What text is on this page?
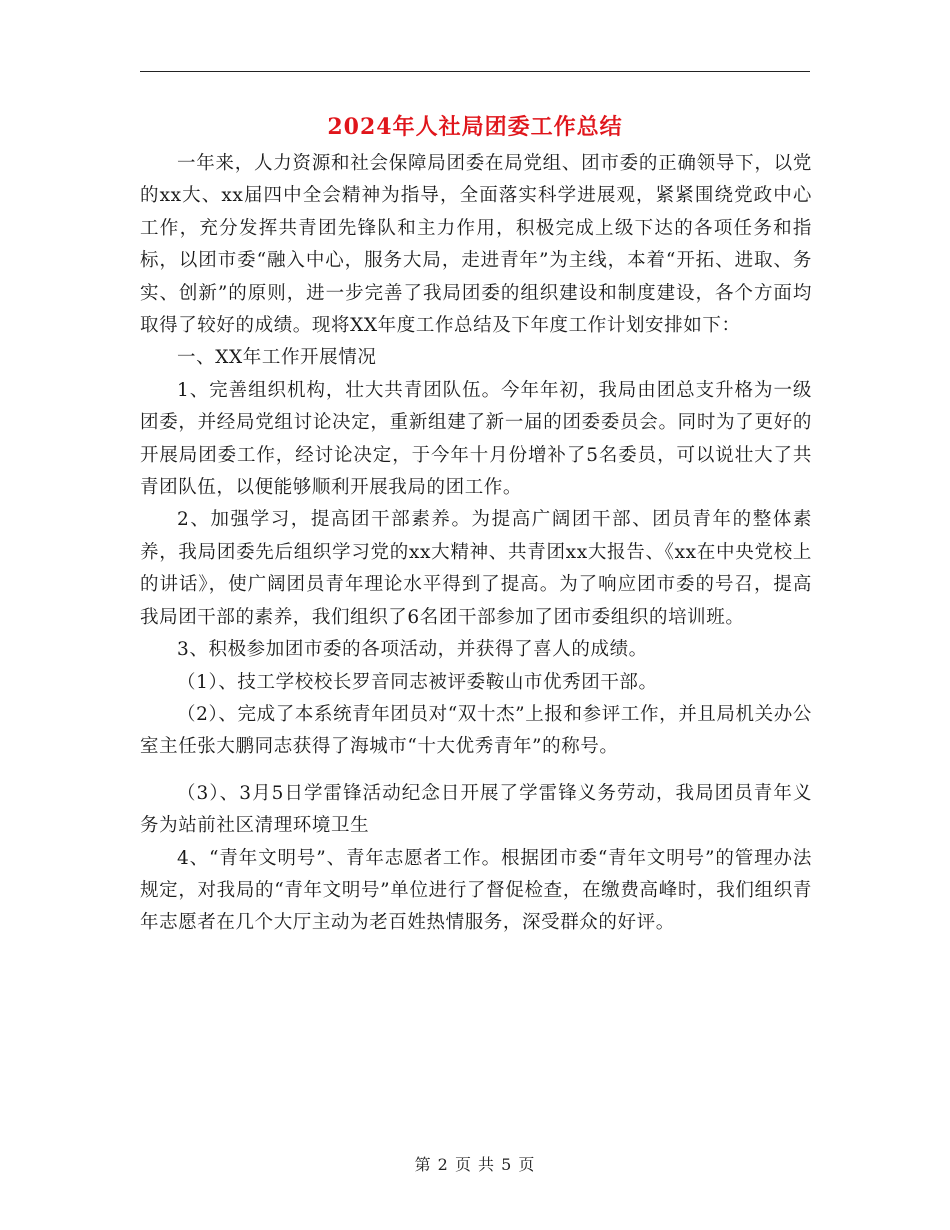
2024年人社局团委工作总结

一年来，人力资源和社会保障局团委在局党组、团市委的正确领导下，以党的xx大、xx届四中全会精神为指导，全面落实科学进展观，紧紧围绕党政中心工作，充分发挥共青团先锋队和主力作用，积极完成上级下达的各项任务和指标，以团市委“融入中心，服务大局，走进青年”为主线，本着“开拓、进取、务实、创新”的原则，进一步完善了我局团委的组织建设和制度建设，各个方面均取得了较好的成绩。现将XX年度工作总结及下年度工作计划安排如下：

一、XX年工作开展情况

1、完善组织机构，壮大共青团队伍。今年年初，我局由团总支升格为一级团委，并经局党组讨论决定，重新组建了新一届的团委委员会。同时为了更好的开展局团委工作，经讨论决定，于今年十月份增补了5名委员，可以说壮大了共青团队伍，以便能够顺利开展我局的团工作。

2、加强学习，提高团干部素养。为提高广阔团干部、团员青年的整体素养，我局团委先后组织学习党的xx大精神、共青团xx大报告、《xx在中央党校上的讲话》，使广阔团员青年理论水平得到了提高。为了响应团市委的号召，提高我局团干部的素养，我们组织了6名团干部参加了团市委组织的培训班。

3、积极参加团市委的各项活动，并获得了喜人的成绩。

（1）、技工学校校长罗音同志被评委鞍山市优秀团干部。

（2）、完成了本系统青年团员对“双十杰”上报和参评工作，并且局机关办公室主任张大鹏同志获得了海城市“十大优秀青年”的称号。

（3）、3月5日学雷锋活动纪念日开展了学雷锋义务劳动，我局团员青年义务为站前社区清理环境卫生

4、“青年文明号”、青年志愿者工作。根据团市委“青年文明号”的管理办法规定，对我局的“青年文明号”单位进行了督促检查，在缴费高峰时，我们组织青年志愿者在几个大厅主动为老百姓热情服务，深受群众的好评。

第 2 页 共 5 页
